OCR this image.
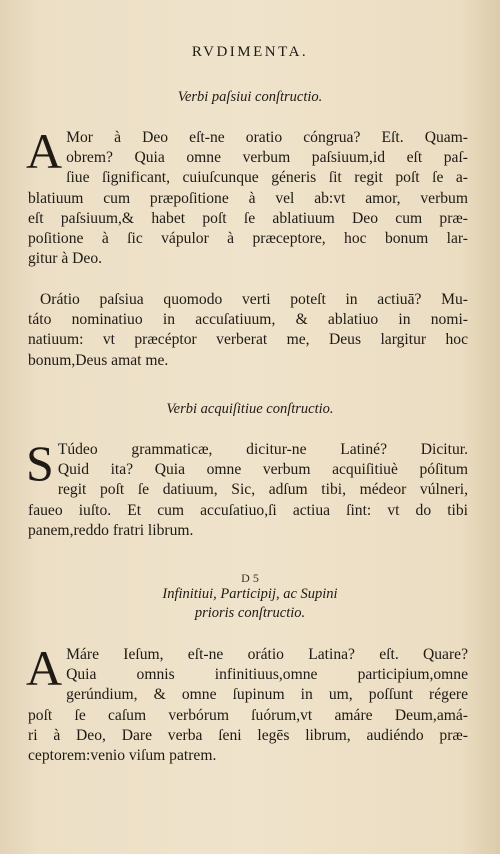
RVDIMENTA.
Verbi paſsiui conſtructio.
A Mor à Deo eſt-ne oratio cóngrua? Eſt. Quam-
obrem? Quia omne verbum paſsiuum,id eſt paſ-
ſiue ſignificant, cuiuſcunque géneris ſit regit poſt ſe a-
blatiuum cum præpoſitione à vel ab:vt amor, verbum
eſt paſsiuum,& habet poſt ſe ablatiuum Deo cum præ-
poſitione à ſic vápulor à præceptore, hoc bonum lar-
gitur à Deo.
Orátio paſsiua quomodo verti poteſt in actiuā? Mu-
táto nominatiuo in accuſatiuum, & ablatiuo in nomi-
natiuum: vt præcéptor verberat me, Deus largitur hoc
bonum,Deus amat me.
Verbi acquiſitiue conſtructio.
S Túdeo grammaticæ, dicitur-ne Latiné? Dicitur.
Quid ita? Quia omne verbum acquiſitiuè póſitum
regit poſt ſe datiuum, Sic, adſum tibi, médeor vúlneri,
faueo iuſto. Et cum accuſatiuo,ſi actiua ſint: vt do tibi
panem,reddo fratri librum.
D 5
Infinitiui, Participij, ac Supini
prioris conſtructio.
A Máre Ieſum, eſt-ne orátio Latina? eſt. Quare?
Quia omnis infinitiuus,omne participium,omne
gerúndium, & omne ſupinum in um, poſſunt régere
poſt ſe caſum verbórum ſuórum,vt amáre Deum,amá-
ri à Deo, Dare verba ſeni legēs librum, audiéndo præ-
ceptorem:venio viſum patrem.
